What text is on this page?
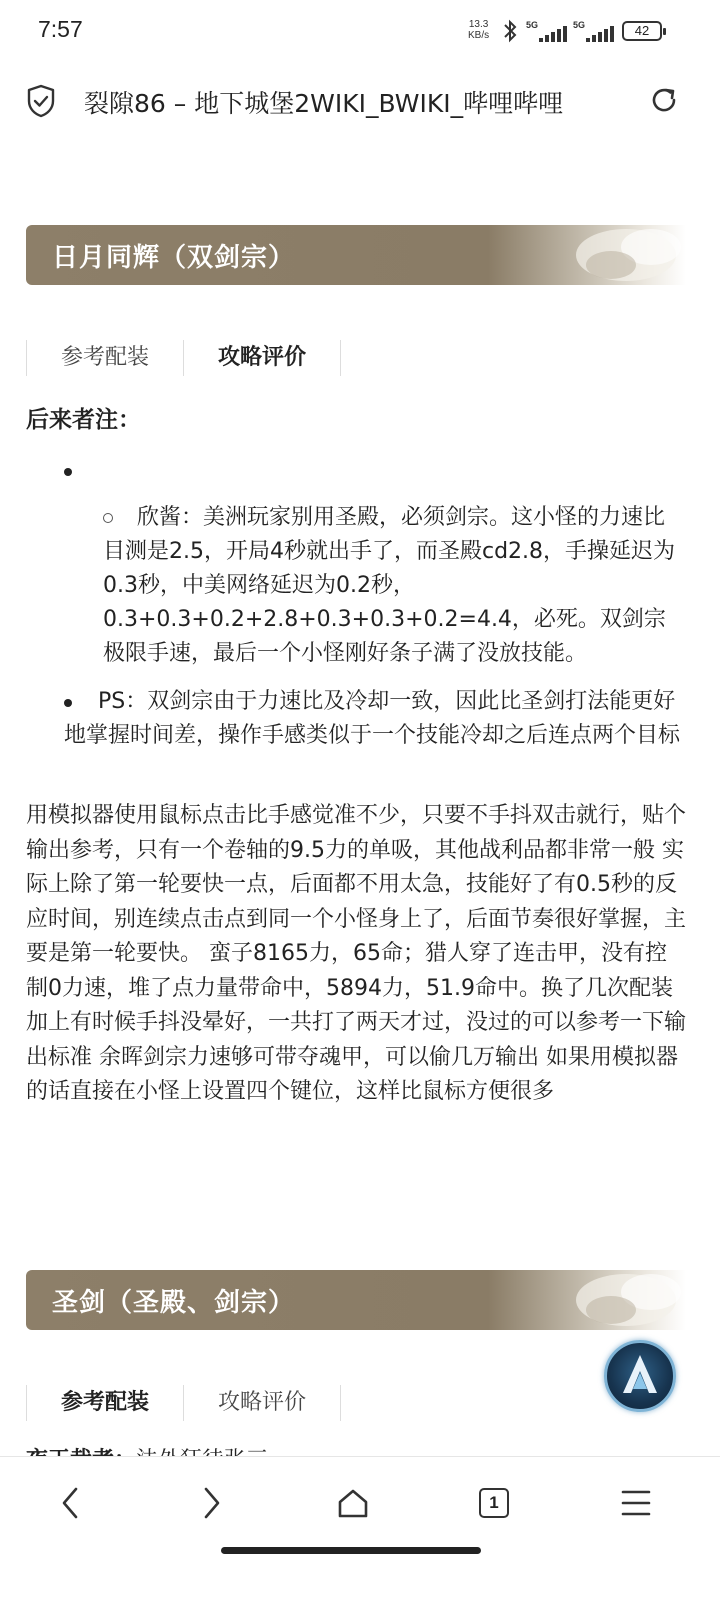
7:57	13.3
KB/s
5G	5G	42
裂隙86 – 地下城堡2WIKI_BWIKI_哔哩哔哩
日月同辉（双剑宗）
参考配装	攻略评价
后来者注：
欣酱：美洲玩家别用圣殿，必须剑宗。这小怪的力速比目测是2.5，开局4秒就出手了，而圣殿cd2.8，手操延迟为0.3秒，中美网络延迟为0.2秒，0.3+0.3+0.2+2.8+0.3+0.3+0.2=4.4，必死。双剑宗极限手速，最后一个小怪刚好条子满了没放技能。
PS：双剑宗由于力速比及冷却一致，因此比圣剑打法能更好地掌握时间差，操作手感类似于一个技能冷却之后连点两个目标
用模拟器使用鼠标点击比手感觉准不少，只要不手抖双击就行，贴个输出参考，只有一个卷轴的9.5力的单吸，其他战利品都非常一般 实际上除了第一轮要快一点，后面都不用太急，技能好了有0.5秒的反应时间，别连续点击点到同一个小怪身上了，后面节奏很好掌握，主要是第一轮要快。 蛮子8165力，65命；猎人穿了连击甲，没有控制0力速，堆了点力量带命中，5894力，51.9命中。换了几次配装加上有时候手抖没晕好，一共打了两天才过，没过的可以参考一下输出标准 余晖剑宗力速够可带夺魂甲，可以偷几万输出 如果用模拟器的话直接在小怪上设置四个键位，这样比鼠标方便很多
圣剑（圣殿、剑宗）
参考配装	攻略评价
1
